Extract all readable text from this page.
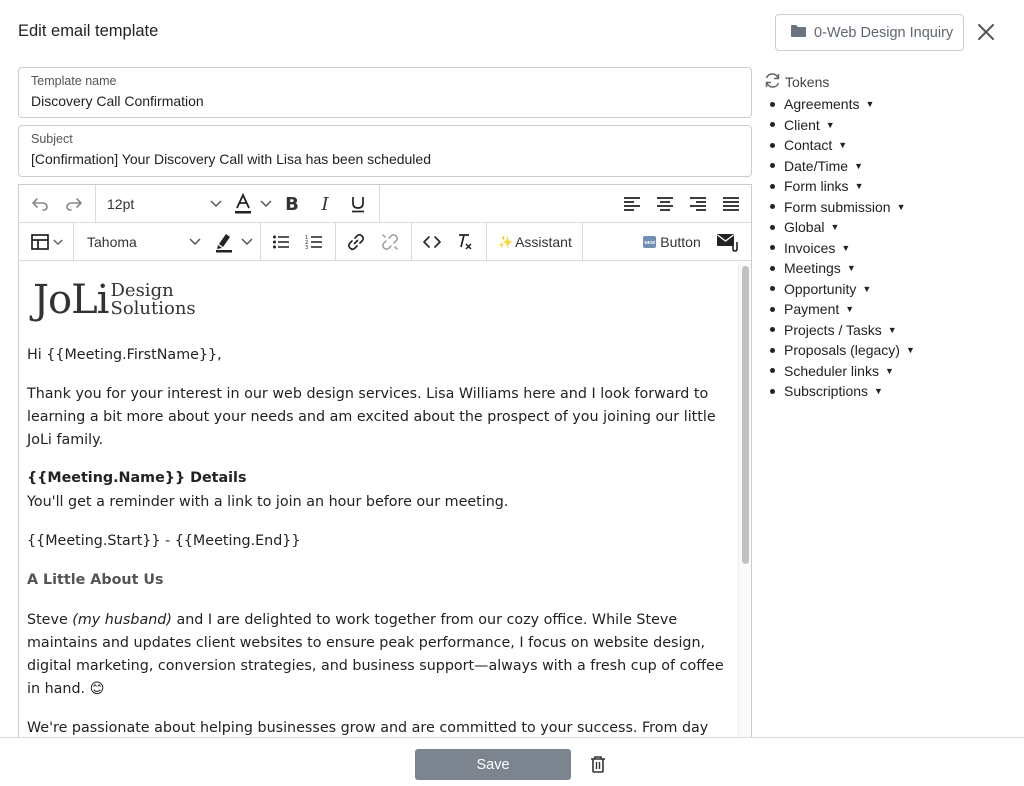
Edit email template	0-Web Design Inquiry
Template name
Discovery Call Confirmation
Subject
[Confirmation] Your Discovery Call with Lisa has been scheduled
12pt	B I
Tahoma	1
2
3	✨ Assistant	NEW Button
JoLi Design
Solutions

Hi {{Meeting.FirstName}},

Thank you for your interest in our web design services. Lisa Williams here and I look forward to learning a bit more about your needs and am excited about the prospect of you joining our little JoLi family.

{{Meeting.Name}} Details

You'll get a reminder with a link to join an hour before our meeting.

{{Meeting.Start}} - {{Meeting.End}}

A Little About Us

Steve (my husband) and I are delighted to work together from our cozy office. While Steve maintains and updates client websites to ensure peak performance, I focus on website design, digital marketing, conversion strategies, and business support—always with a fresh cup of coffee in hand. 😊

We're passionate about helping businesses grow and are committed to your success. From day

Tokens
Agreements ▼
Client ▼
Contact ▼
Date/Time ▼
Form links ▼
Form submission ▼
Global ▼
Invoices ▼
Meetings ▼
Opportunity ▼
Payment ▼
Projects / Tasks ▼
Proposals (legacy) ▼
Scheduler links ▼
Subscriptions ▼
Save
